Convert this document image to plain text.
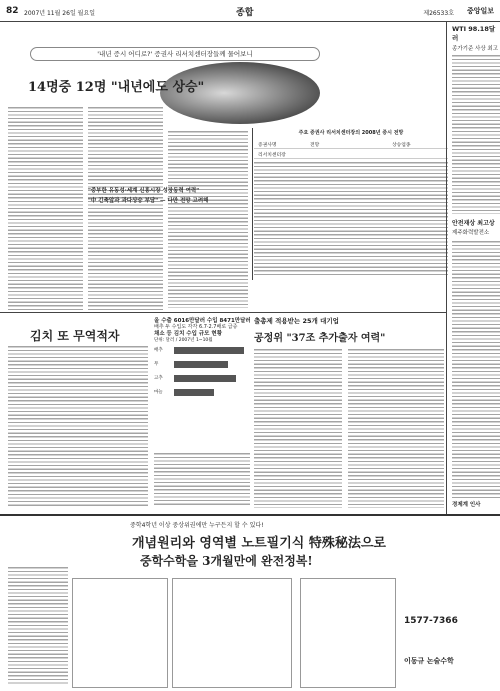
82 2007년 11월 26일 월요일	종합	제26533호 중앙일보
'내년 증시 어디로?' 증권사 리서치센터장들께 물어보니
14명중 12명 "내년에도 상승"
"중부한 유동성·세계 신흥시장 성장동력 여력"
"中 긴축앞과 과다상승 부담" — 다만 전망 고려해
주요 증권사 리서치센터장의 2008년 증시 전망
증권사명	전망	상승업종
리서치센터장
WTI 98.18달러
종가기준 사상 최고
안전재상 최고상
제주화력발전소
경제계 인사
김치 또 무역적자
올 수출 6016만달러 수입 8471만달러
배추 두 수입도 각각 6.7·2.7배로 급증
채소 등 김치 수입 규모 현황
단위: 달러 / 2007년 1~10월
배추
무
고추
마늘
출총제 적용받는 25개 대기업
공정위 "37조 추가출자 여력"
중학4학년 이상 중상위권에만 누구든지 할 수 있다!
개념원리와 영역별 노트필기식 特殊秘法으로
중학수학을 3개월만에 완전정복!
1577-7366
이동규 논술수학
